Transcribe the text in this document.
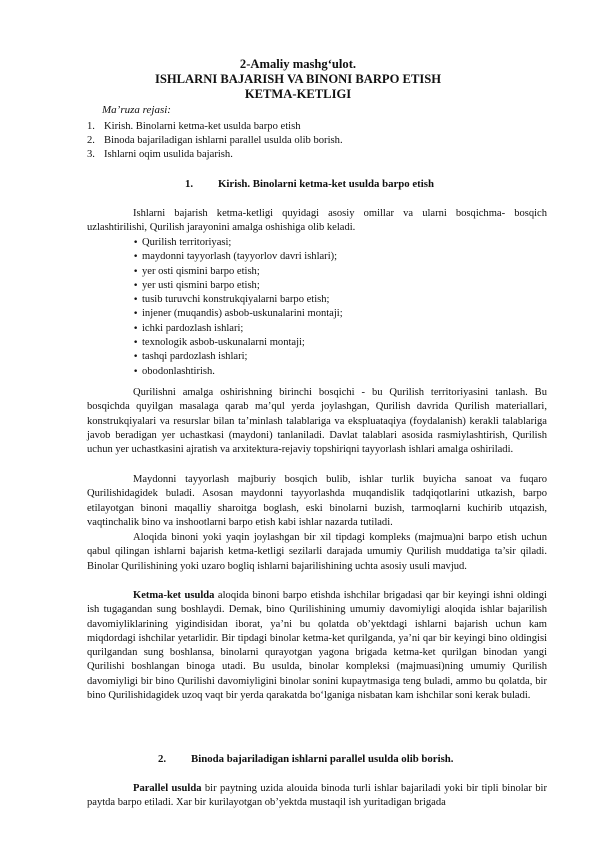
2-Amaliy mashg‘ulot.
ISHLARNI BAJARISH VA BINONI BARPO ETISH
KETMA-KETLIGI
Ma’ruza rejasi:
1. Kirish. Binolarni ketma-ket usulda barpo etish
2. Binoda bajariladigan ishlarni parallel usulda olib borish.
3. Ishlarni oqim usulida bajarish.
1. Kirish. Binolarni ketma-ket usulda barpo etish

Ishlarni bajarish ketma-ketligi quyidagi asosiy omillar va ularni bosqichma- bosqich uzlashtirilishi, Qurilish jarayonini amalga oshishiga olib keladi.

• Qurilish territoriyasi;
• maydonni tayyorlash (tayyorlov davri ishlari);
• yer osti qismini barpo etish;
• yer usti qismini barpo etish;
• tusib turuvchi konstrukqiyalarni barpo etish;
• injener (muqandis) asbob-uskunalarini montaji;
• ichki pardozlash ishlari;
• texnologik asbob-uskunalarni montaji;
• tashqi pardozlash ishlari;
• obodonlashtirish.

Qurilishni amalga oshirishning birinchi bosqichi - bu Qurilish territoriyasini tanlash. Bu bosqichda quyilgan masalaga qarab ma’qul yerda joylashgan, Qurilish davrida Qurilish materiallari, konstrukqiyalari va resurslar bilan ta’minlash talablariga va ekspluataqiya (foydalanish) kerakli talablariga javob beradigan yer uchastkasi (maydoni) tanlaniladi. Davlat talablari asosida rasmiylashtirish, Qurilish uchun yer uchastkasini ajratish va arxitektura-rejaviy topshiriqni tayyorlash ishlari amalga oshiriladi.

Maydonni tayyorlash majburiy bosqich bulib, ishlar turlik buyicha sanoat va fuqaro Qurilishidagidek buladi. Asosan maydonni tayyorlashda muqandislik tadqiqotlarini utkazish, barpo etilayotgan binoni maqalliy sharoitga boglash, eski binolarni buzish, tarmoqlarni kuchirib utqazish, vaqtinchalik bino va inshootlarni barpo etish kabi ishlar nazarda tutiladi.

Aloqida binoni yoki yaqin joylashgan bir xil tipdagi kompleks (majmua)ni barpo etish uchun qabul qilingan ishlarni bajarish ketma-ketligi sezilarli darajada umumiy Qurilish muddatiga ta’sir qiladi. Binolar Qurilishining yoki uzaro bogliq ishlarni bajarilishining uchta asosiy usuli mavjud.

Ketma-ket usulda aloqida binoni barpo etishda ishchilar brigadasi qar bir keyingi ishni oldingi ish tugagandan sung boshlaydi. Demak, bino Qurilishining umumiy davomiyligi aloqida ishlar bajarilish davomiyliklarining yigindisidan iborat, ya’ni bu qolatda ob’yektdagi ishlarni bajarish uchun kam miqdordagi ishchilar yetarlidir. Bir tipdagi binolar ketma-ket qurilganda, ya’ni qar bir keyingi bino oldingisi qurilgandan sung boshlansa, binolarni qurayotgan yagona brigada ketma-ket qurilgan binodan yangi Qurilishi boshlangan binoga utadi. Bu usulda, binolar kompleksi (majmuasi)ning umumiy Qurilish davomiyligi bir bino Qurilishi davomiyligini binolar sonini kupaytmasiga teng buladi, ammo bu qolatda, bir bino Qurilishidagidek uzoq vaqt bir yerda qarakatda bo‘lganiga nisbatan kam ishchilar soni kerak buladi.

2. Binoda bajariladigan ishlarni parallel usulda olib borish.

Parallel usulda bir paytning uzida alouida binoda turli ishlar bajariladi yoki bir tipli binolar bir paytda barpo etiladi. Xar bir kurilayotgan ob’yektda mustaqil ish yuritadigan brigada
